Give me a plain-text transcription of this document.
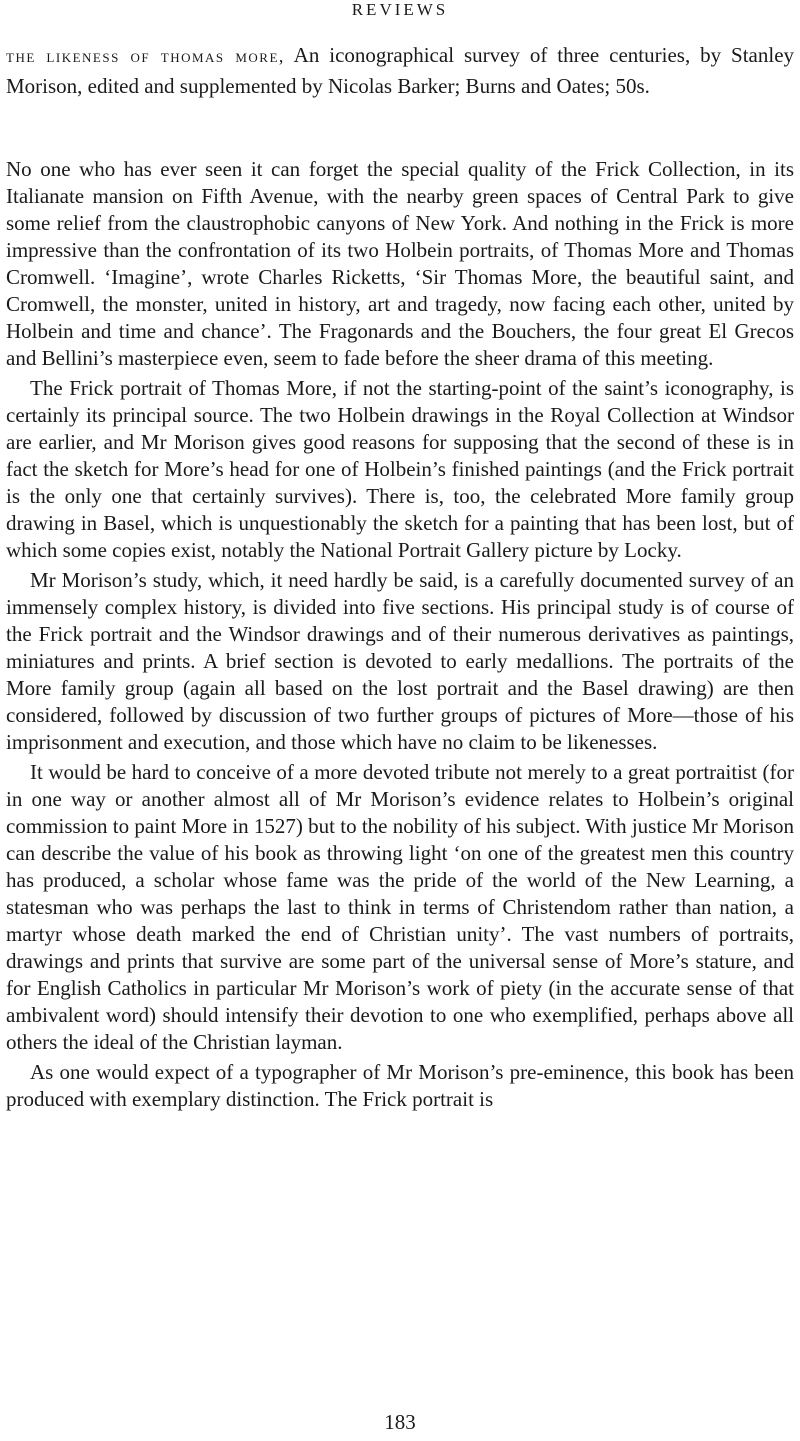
REVIEWS

the likeness of thomas more, An iconographical survey of three centuries, by Stanley Morison, edited and supplemented by Nicolas Barker; Burns and Oates; 50s.

No one who has ever seen it can forget the special quality of the Frick Collection, in its Italianate mansion on Fifth Avenue, with the nearby green spaces of Central Park to give some relief from the claustrophobic canyons of New York. And nothing in the Frick is more impressive than the confrontation of its two Holbein portraits, of Thomas More and Thomas Cromwell. ‘Imagine’, wrote Charles Ricketts, ‘Sir Thomas More, the beautiful saint, and Cromwell, the monster, united in history, art and tragedy, now facing each other, united by Holbein and time and chance’. The Fragonards and the Bouchers, the four great El Grecos and Bellini’s masterpiece even, seem to fade before the sheer drama of this meeting.

The Frick portrait of Thomas More, if not the starting-point of the saint’s iconography, is certainly its principal source. The two Holbein drawings in the Royal Collection at Windsor are earlier, and Mr Morison gives good reasons for supposing that the second of these is in fact the sketch for More’s head for one of Holbein’s finished paintings (and the Frick portrait is the only one that certainly survives). There is, too, the celebrated More family group drawing in Basel, which is unquestionably the sketch for a painting that has been lost, but of which some copies exist, notably the National Portrait Gallery picture by Locky.

Mr Morison’s study, which, it need hardly be said, is a carefully documented survey of an immensely complex history, is divided into five sections. His principal study is of course of the Frick portrait and the Windsor drawings and of their numerous derivatives as paintings, miniatures and prints. A brief section is devoted to early medallions. The portraits of the More family group (again all based on the lost portrait and the Basel drawing) are then considered, followed by discussion of two further groups of pictures of More—those of his imprisonment and execution, and those which have no claim to be likenesses.

It would be hard to conceive of a more devoted tribute not merely to a great portraitist (for in one way or another almost all of Mr Morison’s evidence relates to Holbein’s original commission to paint More in 1527) but to the nobility of his subject. With justice Mr Morison can describe the value of his book as throwing light ‘on one of the greatest men this country has produced, a scholar whose fame was the pride of the world of the New Learning, a statesman who was perhaps the last to think in terms of Christendom rather than nation, a martyr whose death marked the end of Christian unity’. The vast numbers of portraits, drawings and prints that survive are some part of the universal sense of More’s stature, and for English Catholics in particular Mr Morison’s work of piety (in the accurate sense of that ambivalent word) should intensify their devotion to one who exemplified, perhaps above all others the ideal of the Christian layman.

As one would expect of a typographer of Mr Morison’s pre-eminence, this book has been produced with exemplary distinction. The Frick portrait is

183
